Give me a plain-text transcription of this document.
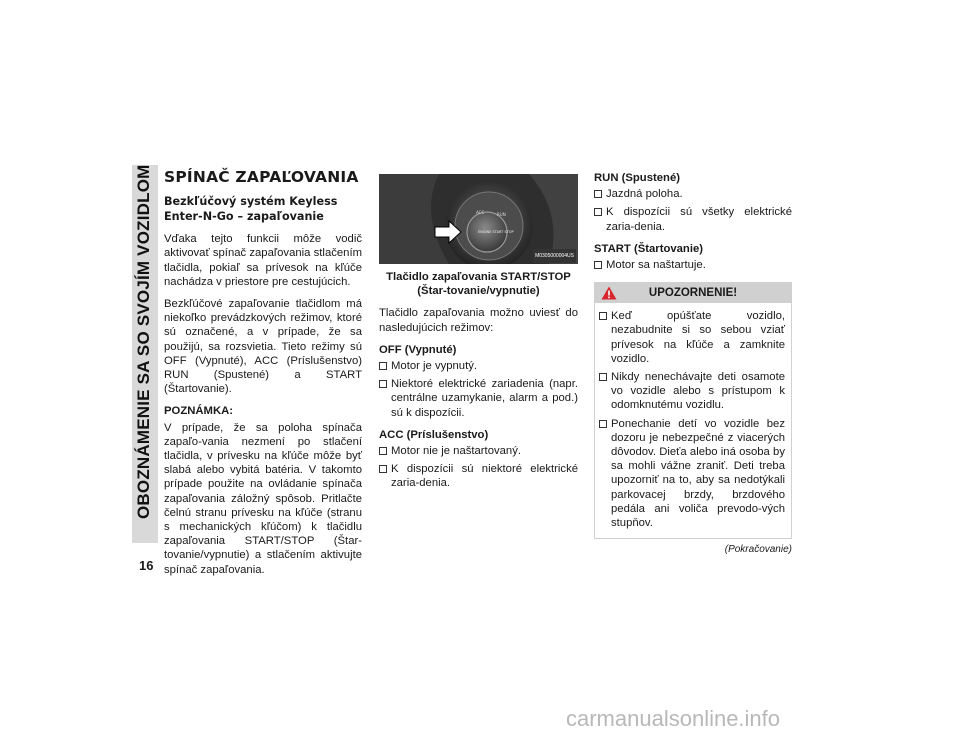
OBOZNÁMENIE SA SO SVOJÍM VOZIDLOM
16
SPÍNAČ ZAPAĽOVANIA
Bezkľúčový systém Keyless Enter-N-Go – zapaľovanie

Vďaka tejto funkcii môže vodič aktivovať spínač zapaľovania stlačením tlačidla, pokiaľ sa prívesok na kľúče nachádza v priestore pre cestujúcich.

Bezkľúčové zapaľovanie tlačidlom má niekoľko prevádzkových režimov, ktoré sú označené, a v prípade, že sa použijú, sa rozsvietia. Tieto režimy sú OFF (Vypnuté), ACC (Príslušenstvo) RUN (Spustené) a START (Štartovanie).

POZNÁMKA:

V prípade, že sa poloha spínača zapaľo-vania nezmení po stlačení tlačidla, v prívesku na kľúče môže byť slabá alebo vybitá batéria. V takomto prípade použite na ovládanie spínača zapaľovania záložný spôsob. Pritlačte čelnú stranu prívesku na kľúče (stranu s mechanických kľúčom) k tlačidlu zapaľovania START/STOP (Štar-tovanie/vypnutie) a stlačením aktivujte spínač zapaľovania.

ACC	RUN
ENGINE START STOP
M0305000004US
Tlačidlo zapaľovania START/STOP (Štar-tovanie/vypnutie)

Tlačidlo zapaľovania možno uviesť do nasledujúcich režimov:

OFF (Vypnuté)
Motor je vypnutý.
Niektoré elektrické zariadenia (napr. centrálne uzamykanie, alarm a pod.) sú k dispozícii.
ACC (Príslušenstvo)
Motor nie je naštartovaný.
K dispozícii sú niektoré elektrické zaria-denia.
RUN (Spustené)
Jazdná poloha.
K dispozícii sú všetky elektrické zaria-denia.
START (Štartovanie)
Motor sa naštartuje.
UPOZORNENIE!
Keď opúšťate vozidlo, nezabudnite si so sebou vziať prívesok na kľúče a zamknite vozidlo.
Nikdy nenechávajte deti osamote vo vozidle alebo s prístupom k odomknutému vozidlu.
Ponechanie detí vo vozidle bez dozoru je nebezpečné z viacerých dôvodov. Dieťa alebo iná osoba by sa mohli vážne zraniť. Deti treba upozorniť na to, aby sa nedotýkali parkovacej brzdy, brzdového pedála ani voliča prevodo-vých stupňov.
(Pokračovanie)
carmanualsonline.info
